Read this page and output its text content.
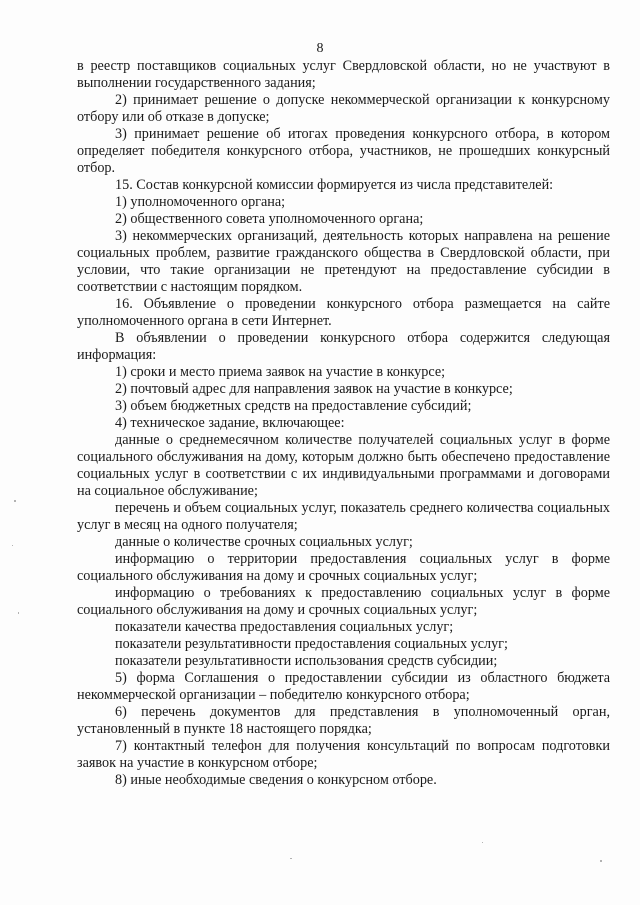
8

в реестр поставщиков социальных услуг Свердловской области, но не участвуют в выполнении государственного задания;

2) принимает решение о допуске некоммерческой организации к конкурсному отбору или об отказе в допуске;

3) принимает решение об итогах проведения конкурсного отбора, в котором определяет победителя конкурсного отбора, участников, не прошедших конкурсный отбор.

15. Состав конкурсной комиссии формируется из числа представителей:

1) уполномоченного органа;

2) общественного совета уполномоченного органа;

3) некоммерческих организаций, деятельность которых направлена на решение социальных проблем, развитие гражданского общества в Свердловской области, при условии, что такие организации не претендуют на предоставление субсидии в соответствии с настоящим порядком.

16. Объявление о проведении конкурсного отбора размещается на сайте уполномоченного органа в сети Интернет.

В объявлении о проведении конкурсного отбора содержится следующая информация:

1) сроки и место приема заявок на участие в конкурсе;

2) почтовый адрес для направления заявок на участие в конкурсе;

3) объем бюджетных средств на предоставление субсидий;

4) техническое задание, включающее:

данные о среднемесячном количестве получателей социальных услуг в форме социального обслуживания на дому, которым должно быть обеспечено предоставление социальных услуг в соответствии с их индивидуальными программами и договорами на социальное обслуживание;

перечень и объем социальных услуг, показатель среднего количества социальных услуг в месяц на одного получателя;

данные о количестве срочных социальных услуг;

информацию о территории предоставления социальных услуг в форме социального обслуживания на дому и срочных социальных услуг;

информацию о требованиях к предоставлению социальных услуг в форме социального обслуживания на дому и срочных социальных услуг;

показатели качества предоставления социальных услуг;

показатели результативности предоставления социальных услуг;

показатели результативности использования средств субсидии;

5) форма Соглашения о предоставлении субсидии из областного бюджета некоммерческой организации – победителю конкурсного отбора;

6) перечень документов для представления в уполномоченный орган, установленный в пункте 18 настоящего порядка;

7) контактный телефон для получения консультаций по вопросам подготовки заявок на участие в конкурсном отборе;

8) иные необходимые сведения о конкурсном отборе.
